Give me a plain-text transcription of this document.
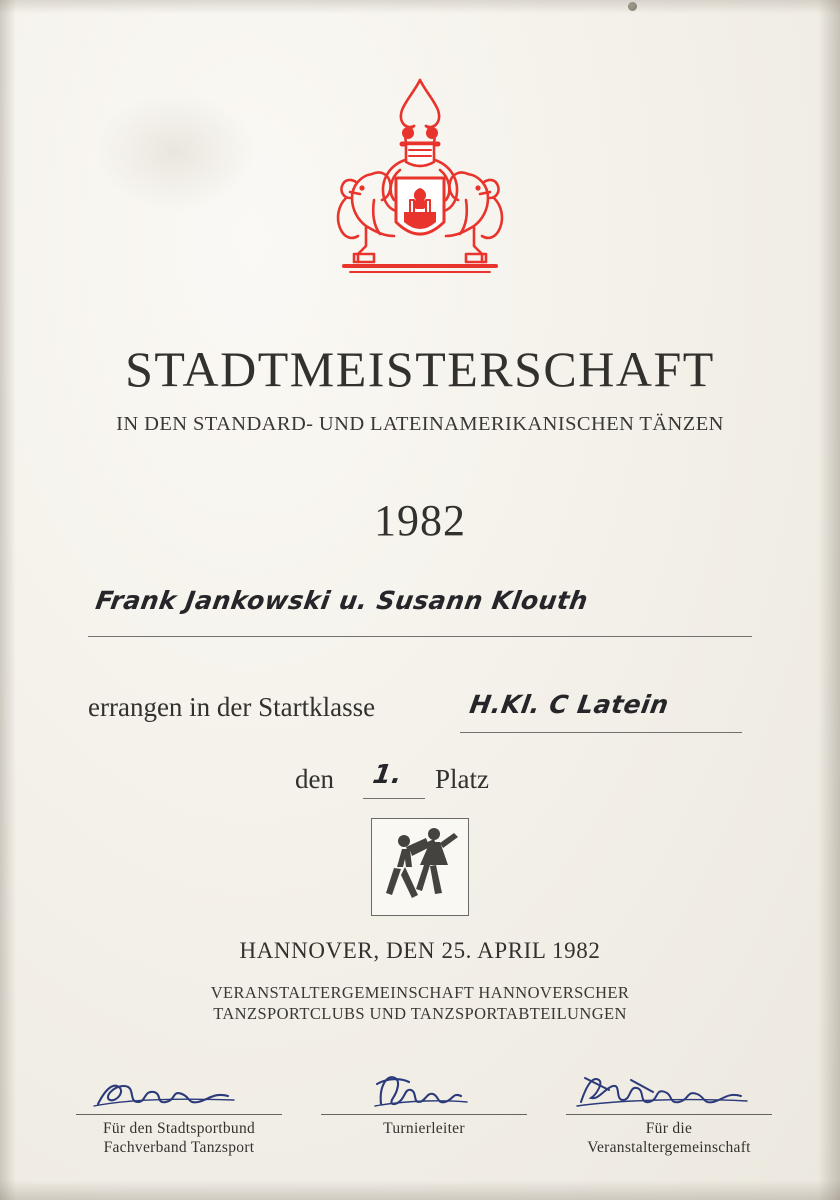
STADTMEISTERSCHAFT
IN DEN STANDARD- UND LATEINAMERIKANISCHEN TÄNZEN
1982
Frank Jankowski u. Susann Klouth
errangen in der Startklasse	H.Kl. C Latein
den 1. Platz
HANNOVER, DEN 25. APRIL 1982
VERANSTALTERGEMEINSCHAFT HANNOVERSCHER
TANZSPORTCLUBS UND TANZSPORTABTEILUNGEN
Für den Stadtsportbund
Fachverband Tanzsport
Turnierleiter	Für die
Veranstaltergemeinschaft
